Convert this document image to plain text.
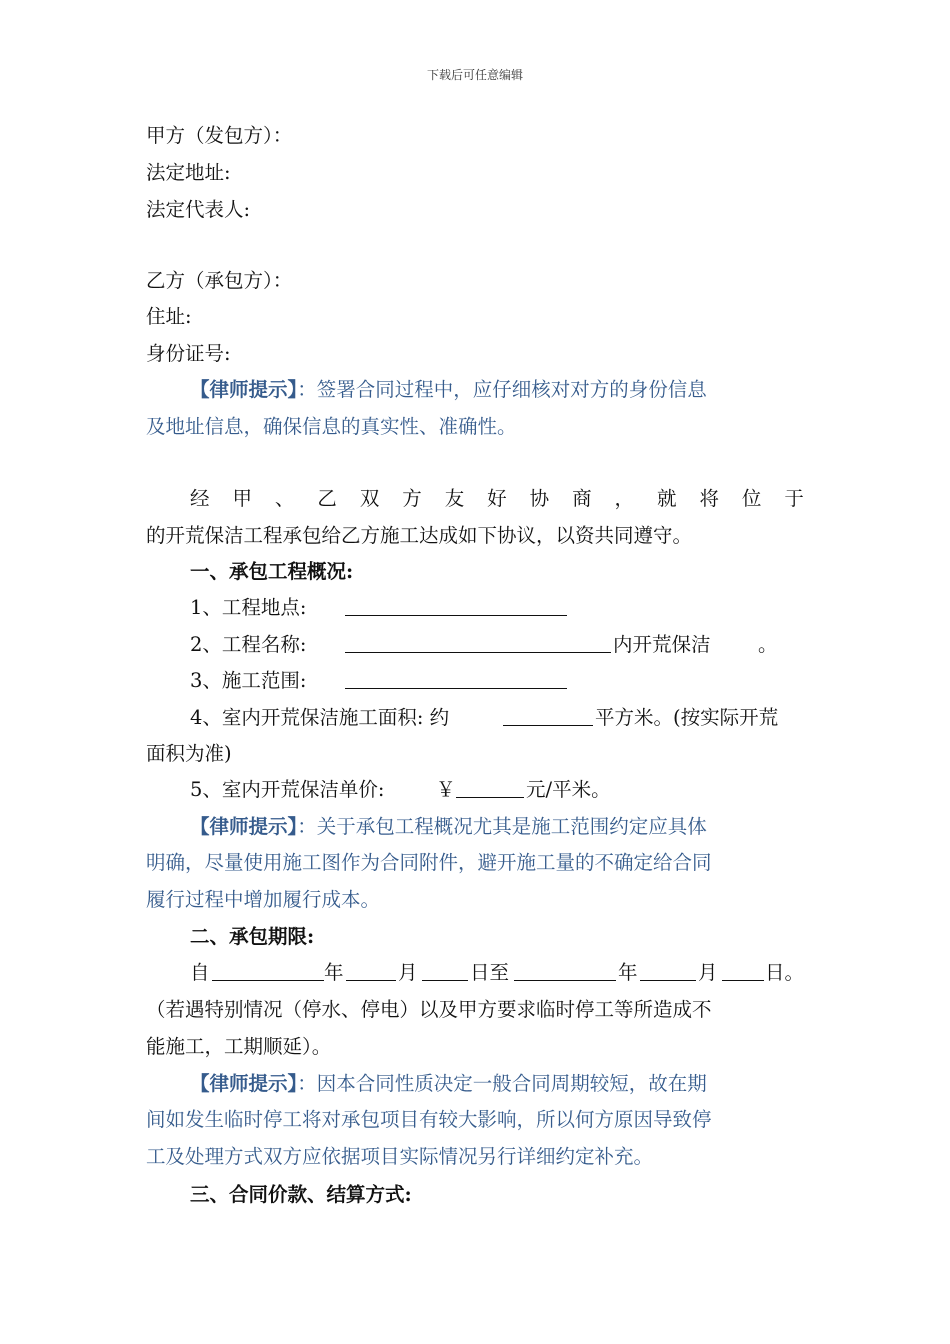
下载后可任意编辑
甲方（发包方）：
法定地址:
法定代表人:
乙方（承包方）：
住址:
身份证号:
【律师提示】：签署合同过程中，应仔细核对对方的身份信息
及地址信息，确保信息的真实性、准确性。
经 甲 、 乙 双 方 友 好 协 商 ， 就 将 位 于
的开荒保洁工程承包给乙方施工达成如下协议，以资共同遵守。
一、承包工程概况:
1、工程地点:
2、工程名称:	内开荒保洁 。
3、施工范围:
4、室内开荒保洁施工面积: 约	平方米。(按实际开荒
面积为准)
5、室内开荒保洁单价:	￥	元/平米。
【律师提示】：关于承包工程概况尤其是施工范围约定应具体
明确，尽量使用施工图作为合同附件，避开施工量的不确定给合同
履行过程中增加履行成本。
二、承包期限:
自	年	月	日至	年	月 日。
（若遇特别情况（停水、停电）以及甲方要求临时停工等所造成不
能施工，工期顺延）。
【律师提示】：因本合同性质决定一般合同周期较短，故在期
间如发生临时停工将对承包项目有较大影响，所以何方原因导致停
工及处理方式双方应依据项目实际情况另行详细约定补充。
三、合同价款、结算方式:
